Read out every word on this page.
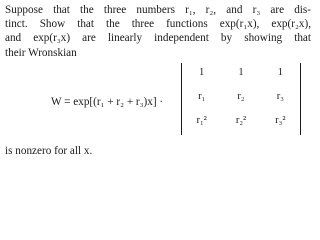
Suppose that the three numbers r₁, r₂, and r₃ are dis-
tinct. Show that the three functions exp(r₁x), exp(r₂x),
and exp(r₃x) are linearly independent by showing that
their Wronskian
W = exp[(r₁ + r₂ + r₃)x] ·
1	1	1
r₁	r₂	r₃
r₁²	r₂²	r₃²
is nonzero for all x.
